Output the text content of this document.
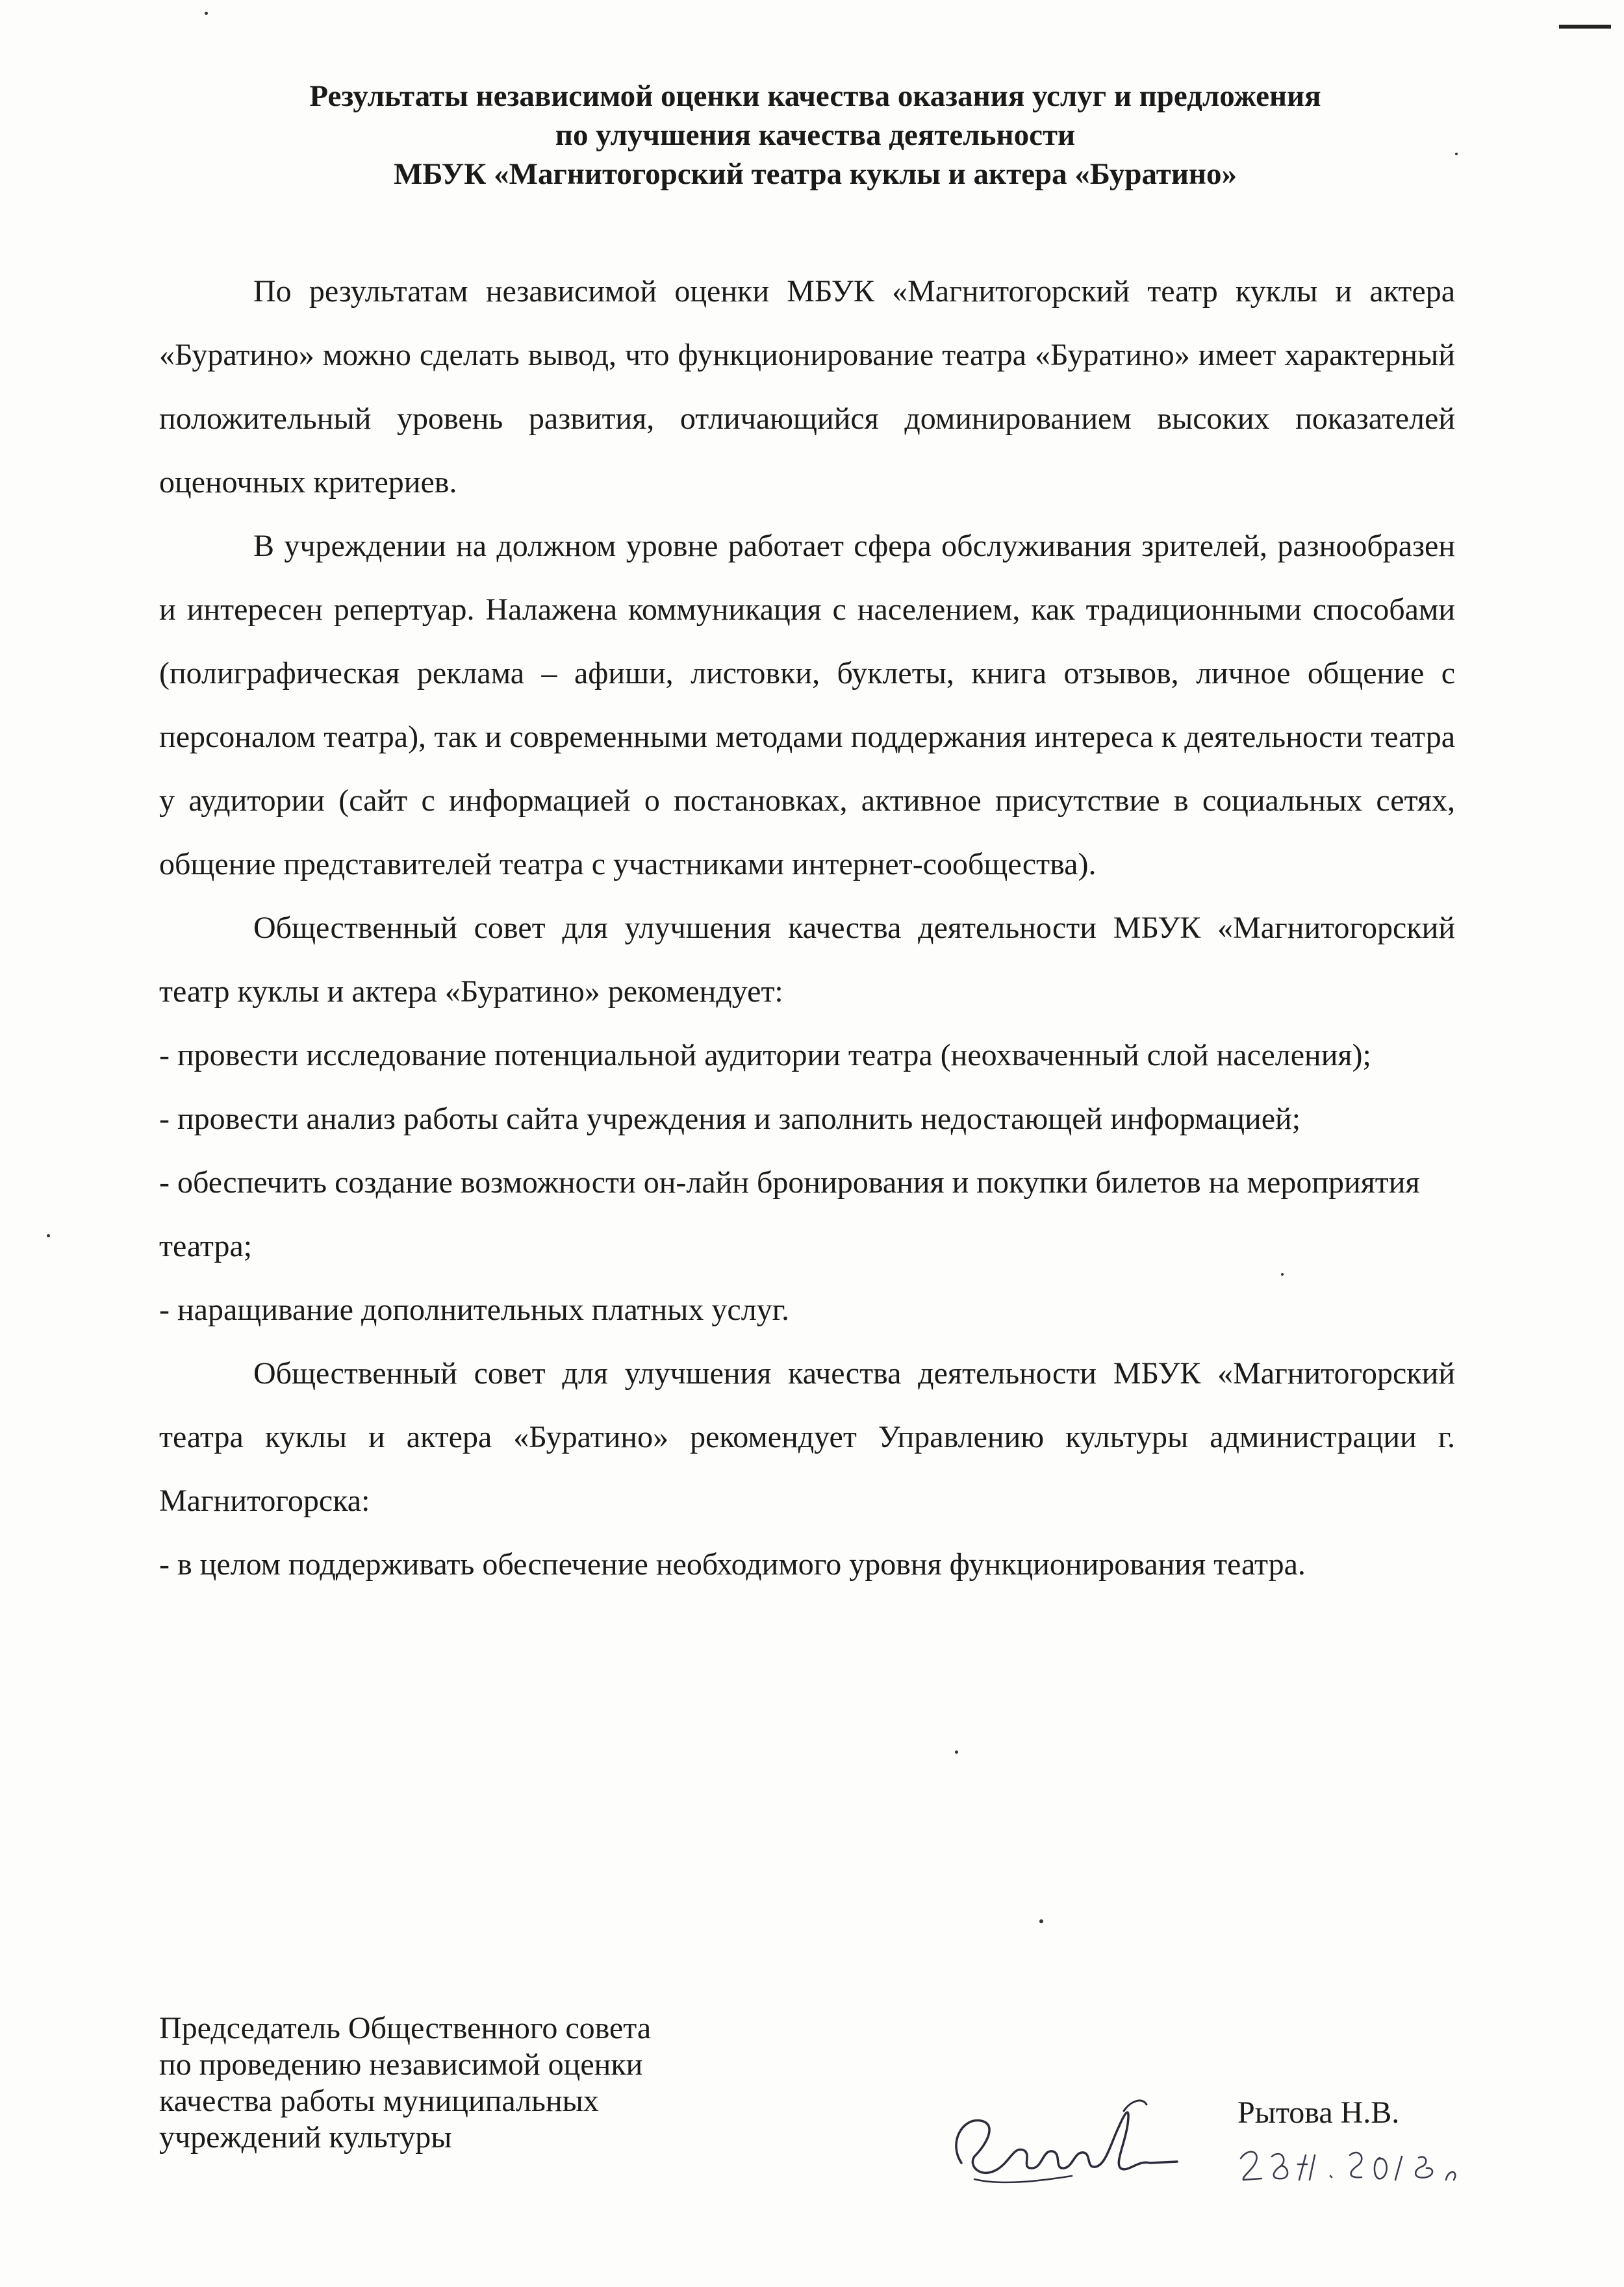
Результаты независимой оценки качества оказания услуг и предложения
по улучшения качества деятельности
МБУК «Магнитогорский театра куклы и актера «Буратино»

По результатам независимой оценки МБУК «Магнитогорский театр куклы и актера «Буратино» можно сделать вывод, что функционирование театра «Буратино» имеет характерный положительный уровень развития, отличающийся доминированием высоких показателей оценочных критериев.

В учреждении на должном уровне работает сфера обслуживания зрителей, разнообразен и интересен репертуар. Налажена коммуникация с населением, как традиционными способами (полиграфическая реклама – афиши, листовки, буклеты, книга отзывов, личное общение с персоналом театра), так и современными методами поддержания интереса к деятельности театра у аудитории (сайт с информацией о постановках, активное присутствие в социальных сетях, общение представителей театра с участниками интернет-сообщества).

Общественный совет для улучшения качества деятельности МБУК «Магнитогорский театр куклы и актера «Буратино» рекомендует:

- провести исследование потенциальной аудитории театра (неохваченный слой населения);

- провести анализ работы сайта учреждения и заполнить недостающей информацией;

- обеспечить создание возможности он-лайн бронирования и покупки билетов на мероприятия театра;

- наращивание дополнительных платных услуг.

Общественный совет для улучшения качества деятельности МБУК «Магнитогорский театра куклы и актера «Буратино» рекомендует Управлению культуры администрации г. Магнитогорска:

- в целом поддерживать обеспечение необходимого уровня функционирования театра.

Председатель Общественного совета
по проведению независимой оценки
качества работы муниципальных
учреждений культуры
Рытова Н.В.
